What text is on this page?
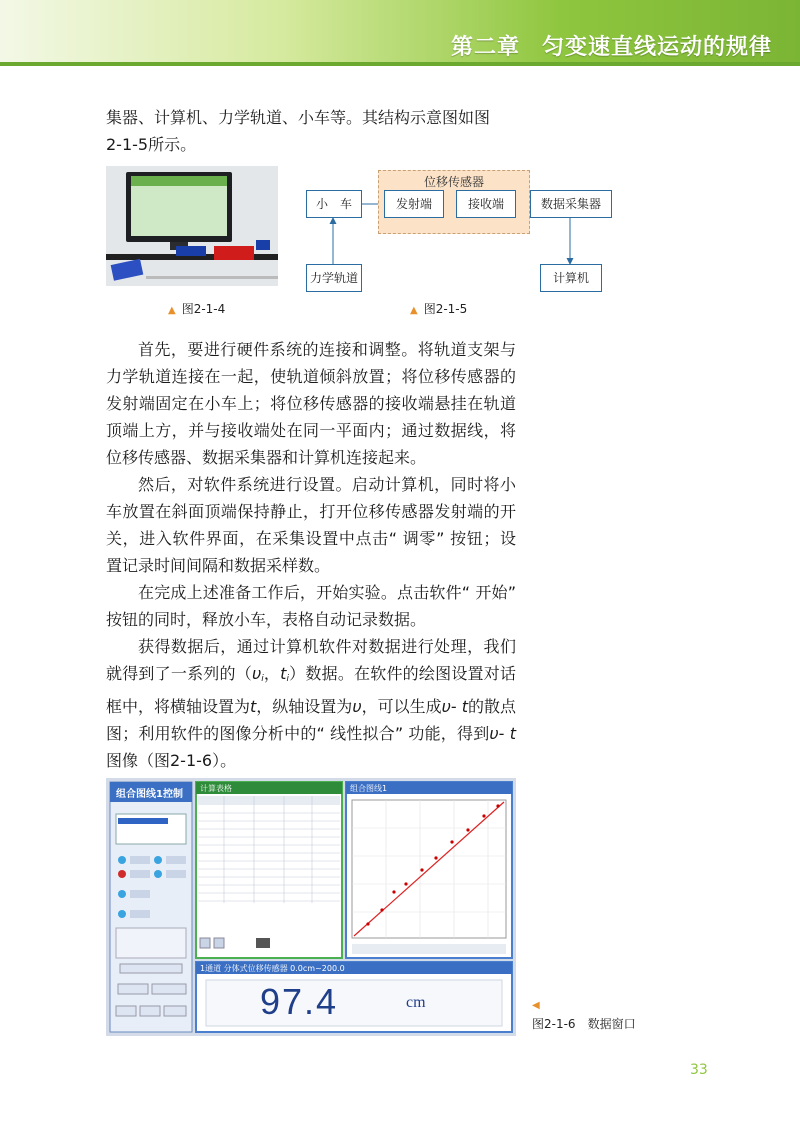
第二章 匀变速直线运动的规律

集器、计算机、力学轨道、小车等。其结构示意图如图

2-1-5所示。

▲ 图2-1-4
位移传感器
小　车	发射端	接收端	数据采集器
力学轨道	计算机
▲ 图2-1-5

首先，要进行硬件系统的连接和调整。将轨道支架与力学轨道连接在一起，使轨道倾斜放置；将位移传感器的发射端固定在小车上；将位移传感器的接收端悬挂在轨道顶端上方，并与接收端处在同一平面内；通过数据线，将位移传感器、数据采集器和计算机连接起来。

然后，对软件系统进行设置。启动计算机，同时将小车放置在斜面顶端保持静止，打开位移传感器发射端的开关，进入软件界面，在采集设置中点击“ 调零” 按钮；设置记录时间间隔和数据采样数。

在完成上述准备工作后，开始实验。点击软件“ 开始” 按钮的同时，释放小车，表格自动记录数据。

获得数据后，通过计算机软件对数据进行处理，我们就得到了一系列的（$\upsilon_i$，$t_i$）数据。在软件的绘图设置对话框中，将横轴设置为t，纵轴设置为υ，可以生成υ- t的散点图；利用软件的图像分析中的“ 线性拟合” 功能，得到υ- t图像（图2-1-6）。

组合图线1控制
计算表格	组合图线1
1通道 分体式位移传感器 0.0cm~200.0
97.4	cm	◀
图2-1-6　数据窗口
33
